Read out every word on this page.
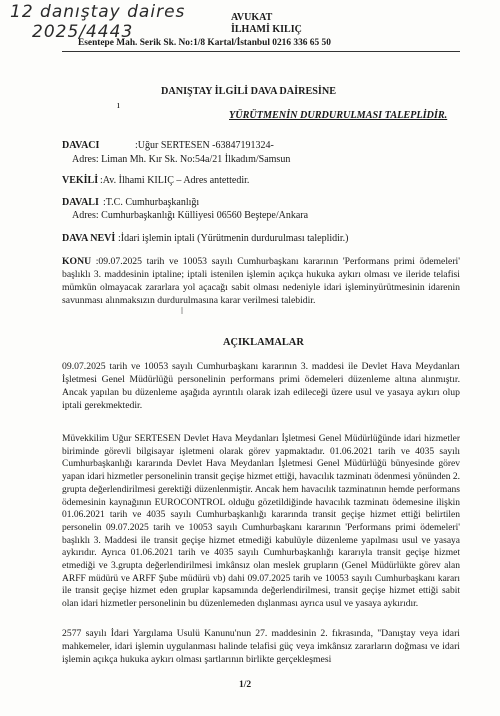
12 danıştay daires
2025/4443
AVUKAT
İLHAMİ KILIÇ
Esentepe Mah. Serik Sk. No:1/8 Kartal/İstanbul 0216 336 65 50
DANIŞTAY İLGİLİ DAVA DAİRESİNE
ı
YÜRÜTMENİN DURDURULMASI TALEPLİDİR.
DAVACI	:Uğur SERTESEN -63847191324-
Adres: Liman Mh. Kır Sk. No:54a/21 İlkadım/Samsun
VEKİLİ :Av. İlhami KILIÇ – Adres antettedir.
DAVALI :T.C. Cumhurbaşkanlığı
Adres: Cumhurbaşkanlığı Külliyesi 06560 Beştepe/Ankara
DAVA NEVİ :İdari işlemin iptali (Yürütmenin durdurulması taleplidir.)
KONU :09.07.2025 tarih ve 10053 sayılı Cumhurbaşkanı kararının 'Performans primi ödemeleri' başlıklı 3. maddesinin iptaline; iptali istenilen işlemin açıkça hukuka aykırı olması ve ileride telafisi mümkün olmayacak zararlara yol açacağı sabit olması nedeniyle idari işleminyürütmesinin idarenin savunması alınmaksızın durdurulmasına karar verilmesi talebidir.
ǀ
AÇIKLAMALAR
09.07.2025 tarih ve 10053 sayılı Cumhurbaşkanı kararının 3. maddesi ile Devlet Hava Meydanları İşletmesi Genel Müdürlüğü personelinin performans primi ödemeleri düzenleme altına alınmıştır. Ancak yapılan bu düzenleme aşağıda ayrıntılı olarak izah edileceği üzere usul ve yasaya aykırı olup iptali gerekmektedir.
Müvekkilim Uğur SERTESEN Devlet Hava Meydanları İşletmesi Genel Müdürlüğünde idari hizmetler biriminde görevli bilgisayar işletmeni olarak görev yapmaktadır. 01.06.2021 tarih ve 4035 sayılı Cumhurbaşkanlığı kararında Devlet Hava Meydanları İşletmesi Genel Müdürlüğü bünyesinde görev yapan idari hizmetler personelinin transit geçişe hizmet ettiği, havacılık tazminatı ödenmesi yönünden 2. grupta değerlendirilmesi gerektiği düzenlenmiştir. Ancak hem havacılık tazminatının hemde performans ödemesinin kaynağının EUROCONTROL olduğu gözetildiğinde havacılık tazminatı ödemesine ilişkin 01.06.2021 tarih ve 4035 sayılı Cumhurbaşkanlığı kararında transit geçişe hizmet ettiği belirtilen personelin 09.07.2025 tarih ve 10053 sayılı Cumhurbaşkanı kararının 'Performans primi ödemeleri' başlıklı 3. Maddesi ile transit geçişe hizmet etmediği kabulüyle düzenleme yapılması usul ve yasaya aykırıdır. Ayrıca 01.06.2021 tarih ve 4035 sayılı Cumhurbaşkanlığı kararıyla transit geçişe hizmet etmediği ve 3.grupta değerlendirilmesi imkânsız olan meslek grupların (Genel Müdürlükte görev alan ARFF müdürü ve ARFF Şube müdürü vb) dahi 09.07.2025 tarih ve 10053 sayılı Cumhurbaşkanı kararı ile transit geçişe hizmet eden gruplar kapsamında değerlendirilmesi, transit geçişe hizmet ettiği sabit olan idari hizmetler personelinin bu düzenlemeden dışlanması ayrıca usul ve yasaya aykırıdır.
2577 sayılı İdari Yargılama Usulü Kanunu'nun 27. maddesinin 2. fıkrasında, "Danıştay veya idari mahkemeler, idari işlemin uygulanması halinde telafisi güç veya imkânsız zararların doğması ve idari işlemin açıkça hukuka aykırı olması şartlarının birlikte gerçekleşmesi
1/2
